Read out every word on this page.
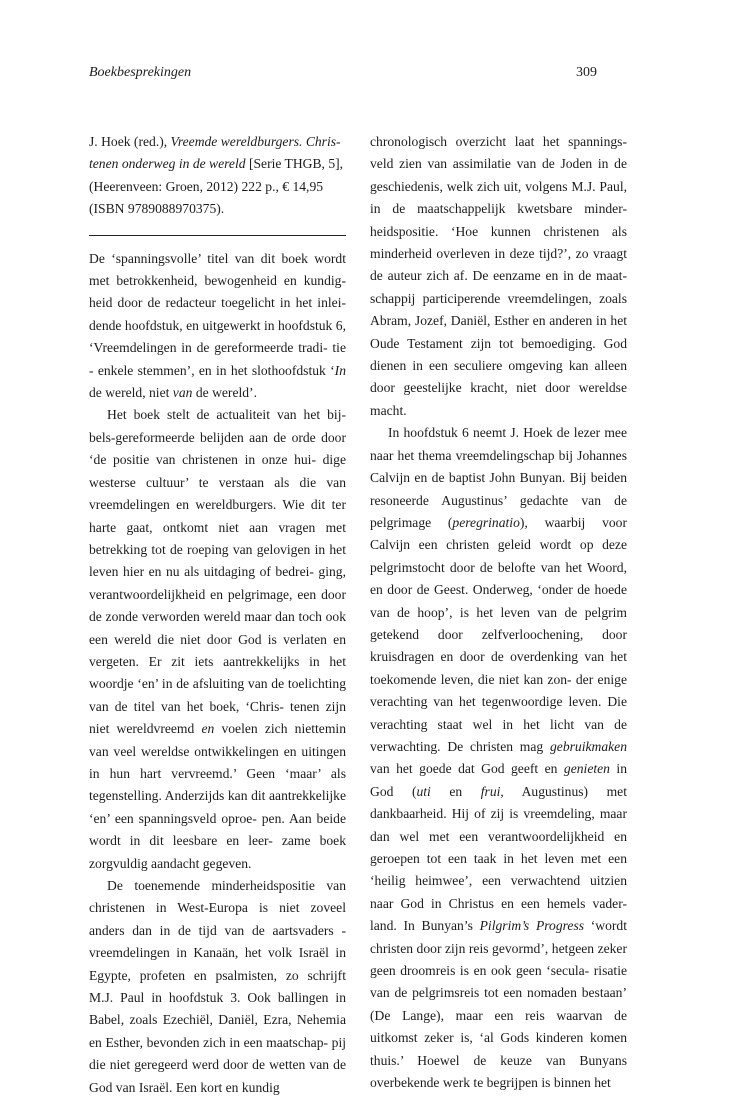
Boekbesprekingen	309

J. Hoek (red.), Vreemde wereldburgers. Chris-
tenen onderweg in de wereld [Serie THGB, 5],
(Heerenveen: Groen, 2012) 222 p., € 14,95
(ISBN 9789088970375).

De ‘spanningsvolle’ titel van dit boek wordt met betrokkenheid, bewogenheid en kundig- heid door de redacteur toegelicht in het inlei- dende hoofdstuk, en uitgewerkt in hoofdstuk 6, ‘Vreemdelingen in de gereformeerde tradi- tie - enkele stemmen’, en in het slothoofdstuk ‘In de wereld, niet van de wereld’.

Het boek stelt de actualiteit van het bij- bels-gereformeerde belijden aan de orde door ‘de positie van christenen in onze hui- dige westerse cultuur’ te verstaan als die van vreemdelingen en wereldburgers. Wie dit ter harte gaat, ontkomt niet aan vragen met betrekking tot de roeping van gelovigen in het leven hier en nu als uitdaging of bedrei- ging, verantwoordelijkheid en pelgrimage, een door de zonde verworden wereld maar dan toch ook een wereld die niet door God is verlaten en vergeten. Er zit iets aantrekkelijks in het woordje ‘en’ in de afsluiting van de toelichting van de titel van het boek, ‘Chris- tenen zijn niet wereldvreemd en voelen zich niettemin van veel wereldse ontwikkelingen en uitingen in hun hart vervreemd.’ Geen ‘maar’ als tegenstelling. Anderzijds kan dit aantrekkelijke ‘en’ een spanningsveld oproe- pen. Aan beide wordt in dit leesbare en leer- zame boek zorgvuldig aandacht gegeven.

De toenemende minderheidspositie van christenen in West-Europa is niet zoveel anders dan in de tijd van de aartsvaders - vreemdelingen in Kanaän, het volk Israël in Egypte, profeten en psalmisten, zo schrijft M.J. Paul in hoofdstuk 3. Ook ballingen in Babel, zoals Ezechiël, Daniël, Ezra, Nehemia en Esther, bevonden zich in een maatschap- pij die niet geregeerd werd door de wetten van de God van Israël. Een kort en kundig

chronologisch overzicht laat het spannings- veld zien van assimilatie van de Joden in de geschiedenis, welk zich uit, volgens M.J. Paul, in de maatschappelijk kwetsbare minder- heidspositie. ‘Hoe kunnen christenen als minderheid overleven in deze tijd?’, zo vraagt de auteur zich af. De eenzame en in de maat- schappij participerende vreemdelingen, zoals Abram, Jozef, Daniël, Esther en anderen in het Oude Testament zijn tot bemoediging. God dienen in een seculiere omgeving kan alleen door geestelijke kracht, niet door wereldse macht.

In hoofdstuk 6 neemt J. Hoek de lezer mee naar het thema vreemdelingschap bij Johannes Calvijn en de baptist John Bunyan. Bij beiden resoneerde Augustinus’ gedachte van de pelgrimage (peregrinatio), waarbij voor Calvijn een christen geleid wordt op deze pelgrimstocht door de belofte van het Woord, en door de Geest. Onderweg, ‘onder de hoede van de hoop’, is het leven van de pelgrim getekend door zelfverloochening, door kruisdragen en door de overdenking van het toekomende leven, die niet kan zon- der enige verachting van het tegenwoordige leven. Die verachting staat wel in het licht van de verwachting. De christen mag gebruikmaken van het goede dat God geeft en genieten in God (uti en frui, Augustinus) met dankbaarheid. Hij of zij is vreemdeling, maar dan wel met een verantwoordelijkheid en geroepen tot een taak in het leven met een ‘heilig heimwee’, een verwachtend uitzien naar God in Christus en een hemels vader- land. In Bunyan’s Pilgrim’s Progress ‘wordt christen door zijn reis gevormd’, hetgeen zeker geen droomreis is en ook geen ‘secula- risatie van de pelgrimsreis tot een nomaden bestaan’ (De Lange), maar een reis waarvan de uitkomst zeker is, ‘al Gods kinderen komen thuis.’ Hoewel de keuze van Bunyans overbekende werk te begrijpen is binnen het
